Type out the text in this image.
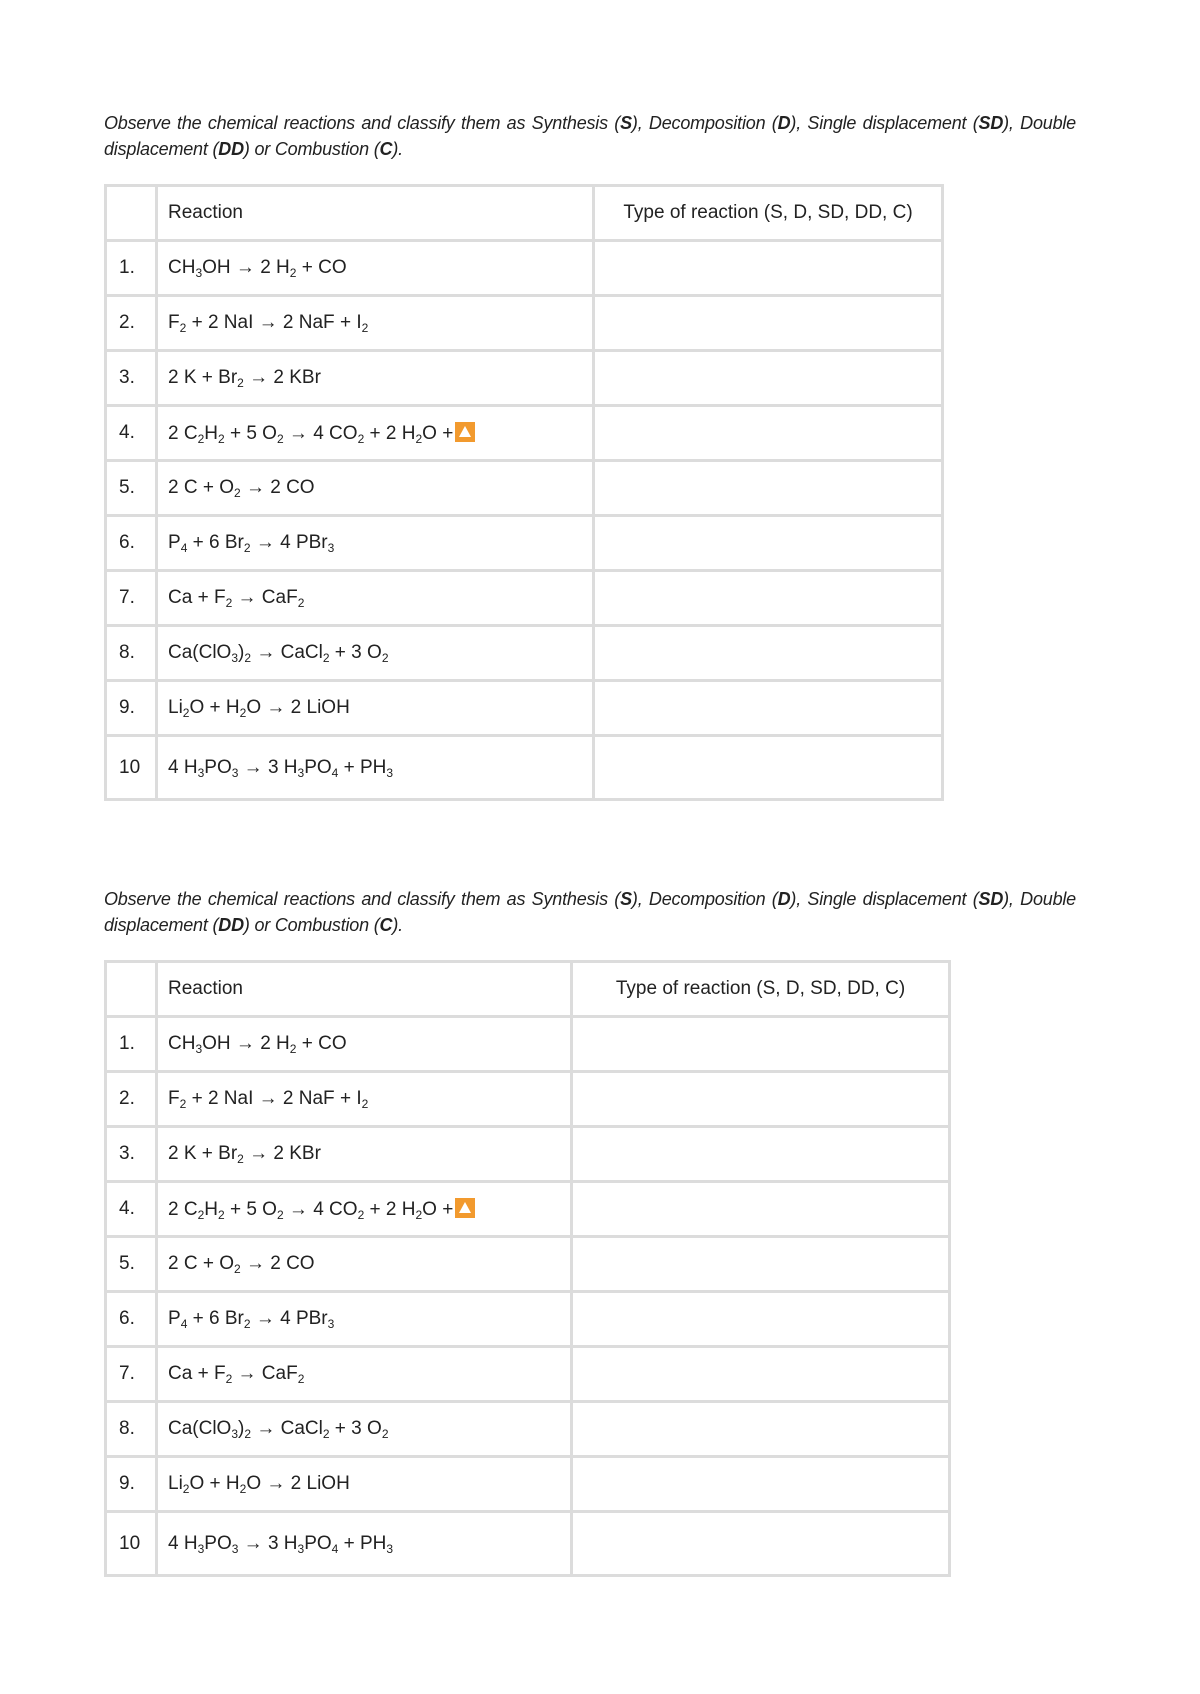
Observe the chemical reactions and classify them as Synthesis (S), Decomposition (D), Single displacement (SD), Double displacement (DD) or Combustion (C).

	Reaction	Type of reaction (S, D, SD, DD, C)
1.	$CH_3OH \to 2$ $H_2$ + CO	
2.	$F_2 + 2$ NaI → 2 NaF + $I_2$	
3.	2 $K + Br_2 \to 2$ KBr	
4.	2 $C_2H_2 + 5$ $O_2 \to 4$ $CO_2 + 2$ $H_2O$ +	
5.	2 $C + O_2 \to 2$ CO	
6.	$P_4 + 6$ $Br_2 \to 4$ PBr$_3$	
7.	$Ca + F_2 \to CaF_2$	
8.	$Ca(ClO_3)_2$ → CaCl$_2$ + 3 $O_2$	
9.	$Li_2O + H_2O \to 2$ LiOH	
10	4 $H_3PO_3 \to 3$ $H_3PO_4 + PH_3$	

Observe the chemical reactions and classify them as Synthesis (S), Decomposition (D), Single displacement (SD), Double displacement (DD) or Combustion (C).

	Reaction	Type of reaction (S, D, SD, DD, C)
1.	$CH_3OH \to 2$ $H_2$ + CO	
2.	$F_2 + 2$ NaI → 2 NaF + $I_2$	
3.	2 $K + Br_2 \to 2$ KBr	
4.	2 $C_2H_2 + 5$ $O_2 \to 4$ $CO_2 + 2$ $H_2O$ +	
5.	2 $C + O_2 \to 2$ CO	
6.	$P_4 + 6$ $Br_2 \to 4$ PBr$_3$	
7.	$Ca + F_2 \to CaF_2$	
8.	$Ca(ClO_3)_2$ → CaCl$_2$ + 3 $O_2$	
9.	$Li_2O + H_2O \to 2$ LiOH	
10	4 $H_3PO_3 \to 3$ $H_3PO_4 + PH_3$	
